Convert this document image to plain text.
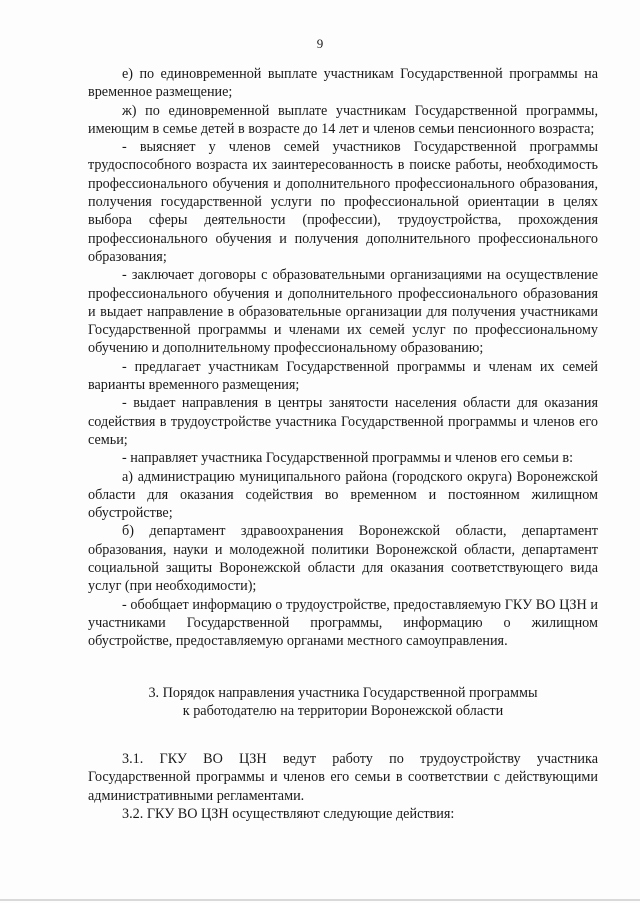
9

е) по единовременной выплате участникам Государственной программы на временное размещение;

ж) по единовременной выплате участникам Государственной программы, имеющим в семье детей в возрасте до 14 лет и членов семьи пенсионного возраста;

- выясняет у членов семей участников Государственной программы трудоспособного возраста их заинтересованность в поиске работы, необходимость профессионального обучения и дополнительного профессионального образования, получения государственной услуги по профессиональной ориентации в целях выбора сферы деятельности (профессии), трудоустройства, прохождения профессионального обучения и получения дополнительного профессионального образования;

- заключает договоры с образовательными организациями на осуществление профессионального обучения и дополнительного профессионального образования и выдает направление в образовательные организации для получения участниками Государственной программы и членами их семей услуг по профессиональному обучению и дополнительному профессиональному образованию;

- предлагает участникам Государственной программы и членам их семей варианты временного размещения;

- выдает направления в центры занятости населения области для оказания содействия в трудоустройстве участника Государственной программы и членов его семьи;

- направляет участника Государственной программы и членов его семьи в:

а) администрацию муниципального района (городского округа) Воронежской области для оказания содействия во временном и постоянном жилищном обустройстве;

б) департамент здравоохранения Воронежской области, департамент образования, науки и молодежной политики Воронежской области, департамент социальной защиты Воронежской области для оказания соответствующего вида услуг (при необходимости);

- обобщает информацию о трудоустройстве, предоставляемую ГКУ ВО ЦЗН и участниками Государственной программы, информацию о жилищном обустройстве, предоставляемую органами местного самоуправления.

3. Порядок направления участника Государственной программы
к работодателю на территории Воронежской области

3.1. ГКУ ВО ЦЗН ведут работу по трудоустройству участника Государственной программы и членов его семьи в соответствии с действующими административными регламентами.

3.2. ГКУ ВО ЦЗН осуществляют следующие действия:
